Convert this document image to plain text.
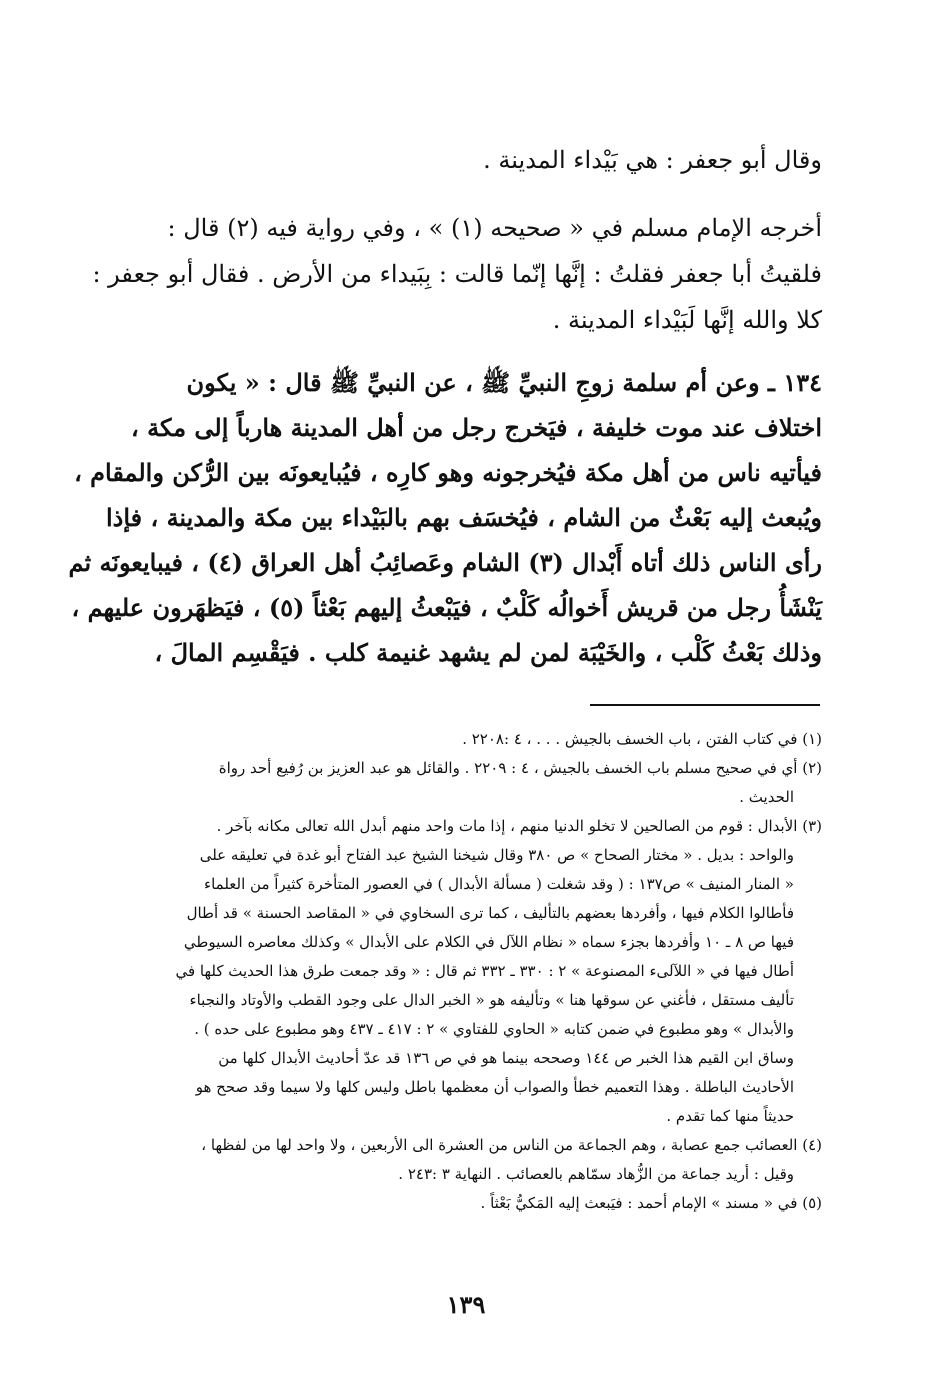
وقال أبو جعفر : هي بَيْداء المدينة .
أخرجه الإمام مسلم في « صحيحه (١) » ، وفي رواية فيه (٢) قال :
فلقيتُ أبا جعفر فقلتُ : إنَّها إنّما قالت : بِبَيداء من الأرض . فقال أبو جعفر :
كلا والله إنَّها لَبَيْداء المدينة .
١٣٤ ـ وعن أم سلمة زوجِ النبيِّ ﷺ ، عن النبيِّ ﷺ قال : « يكون
اختلاف عند موت خليفة ، فيَخرج رجل من أهل المدينة هارباً إلى مكة ،
فيأتيه ناس من أهل مكة فيُخرجونه وهو كارِه ، فيُبايعونَه بين الرُّكن والمقام ،
ويُبعث إليه بَعْثٌ من الشام ، فيُخسَف بهم بالبَيْداء بين مكة والمدينة ، فإذا
رأى الناس ذلك أتاه أَبْدال (٣) الشام وعَصائِبُ أهل العراق (٤) ، فيبايعونَه ثم
يَنْشَأُ رجل من قريش أَخوالُه كَلْبٌ ، فيَبْعثُ إليهم بَعْثاً (٥) ، فيَظهَرون عليهم ،
وذلك بَعْثُ كَلْب ، والخَيْبَة لمن لم يشهد غنيمة كلب . فيَقْسِم المالَ ،
(١) في كتاب الفتن ، باب الخسف بالجيش . . . ، ٤ :٢٢٠٨ .
(٢) أي في صحيح مسلم باب الخسف بالجيش ، ٤ : ٢٢٠٩ . والقائل هو عبد العزيز بن رُفيع أحد رواة
الحديث .
(٣) الأبدال : قوم من الصالحين لا تخلو الدنيا منهم ، إذا مات واحد منهم أبدل الله تعالى مكانه بآخر .
والواحد : بديل . « مختار الصحاح » ص ٣٨٠ وقال شيخنا الشيخ عبد الفتاح أبو غدة في تعليقه على
« المنار المنيف » ص١٣٧ : ( وقد شغلت ( مسألة الأبدال ) في العصور المتأخرة كثيراً من العلماء
فأطالوا الكلام فيها ، وأفردها بعضهم بالتأليف ، كما ترى السخاوي في « المقاصد الحسنة » قد أطال
فيها ص ٨ ـ ١٠ وأفردها بجزء سماه « نظام اللآل في الكلام على الأبدال » وكذلك معاصره السيوطي
أطال فيها في « اللآلىء المصنوعة » ٢ : ٣٣٠ ـ ٣٣٢ ثم قال : « وقد جمعت طرق هذا الحديث كلها في
تأليف مستقل ، فأغني عن سوقها هنا » وتأليفه هو « الخبر الدال على وجود القطب والأوتاد والنجباء
والأبدال » وهو مطبوع في ضمن كتابه « الحاوي للفتاوي » ٢ : ٤١٧ ـ ٤٣٧ وهو مطبوع على حده ) .
وساق ابن القيم هذا الخبر ص ١٤٤ وصححه بينما هو في ص ١٣٦ قد عدّ أحاديث الأبدال كلها من
الأحاديث الباطلة . وهذا التعميم خطأ والصواب أن معظمها باطل وليس كلها ولا سيما وقد صحح هو
حديثاً منها كما تقدم .
(٤) العصائب جمع عصابة ، وهم الجماعة من الناس من العشرة الى الأربعين ، ولا واحد لها من لفظها ،
وقيل : أريد جماعة من الزُّهاد سمّاهم بالعصائب . النهاية ٣ :٢٤٣ .
(٥) في « مسند » الإمام أحمد : فيَبعث إليه المَكيُّ بَعْثاً .
١٣٩
